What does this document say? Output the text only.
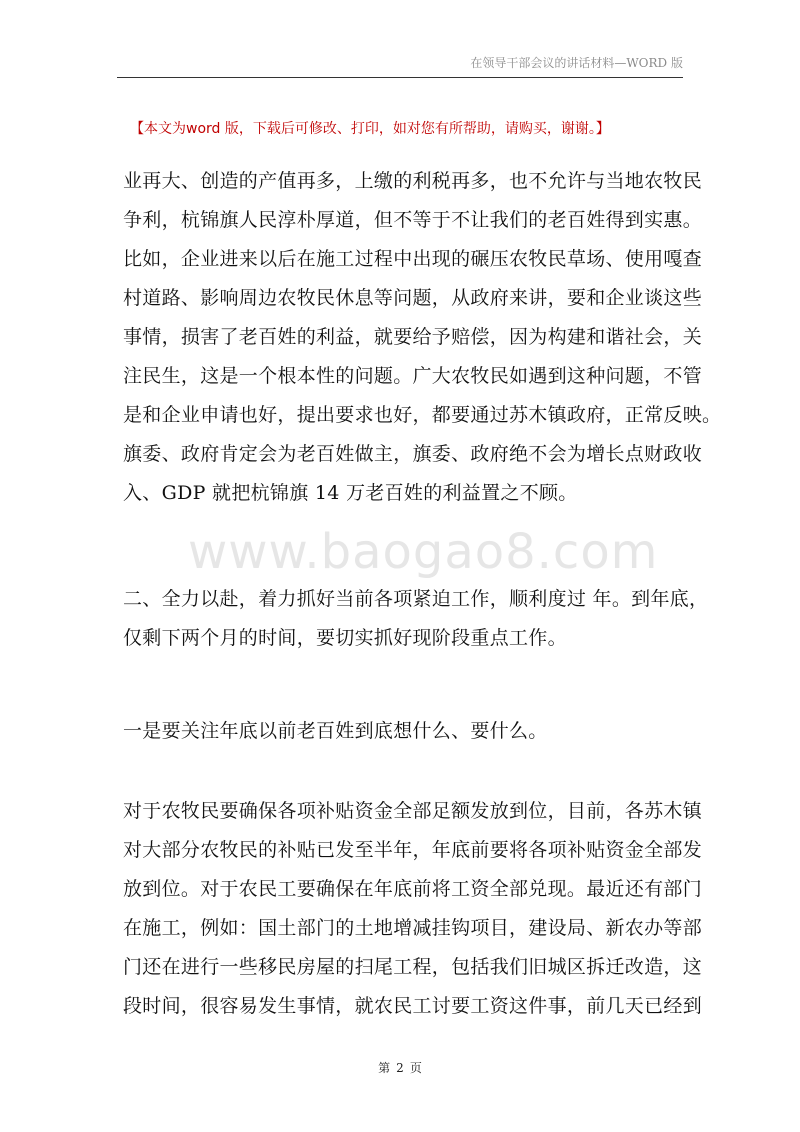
在领导干部会议的讲话材料—WORD 版
【本文为word 版，下载后可修改、打印，如对您有所帮助，请购买，谢谢。】
业再大、创造的产值再多，上缴的利税再多，也不允许与当地农牧民
争利，杭锦旗人民淳朴厚道，但不等于不让我们的老百姓得到实惠。
比如，企业进来以后在施工过程中出现的碾压农牧民草场、使用嘎查
村道路、影响周边农牧民休息等问题，从政府来讲，要和企业谈这些
事情，损害了老百姓的利益，就要给予赔偿，因为构建和谐社会，关
注民生，这是一个根本性的问题。广大农牧民如遇到这种问题，不管
是和企业申请也好，提出要求也好，都要通过苏木镇政府，正常反映。
旗委、政府肯定会为老百姓做主，旗委、政府绝不会为增长点财政收
入、GDP 就把杭锦旗 14 万老百姓的利益置之不顾。
www.baogao8.com
二、全力以赴，着力抓好当前各项紧迫工作，顺利度过 年。到年底，
仅剩下两个月的时间，要切实抓好现阶段重点工作。
一是要关注年底以前老百姓到底想什么、要什么。
对于农牧民要确保各项补贴资金全部足额发放到位，目前，各苏木镇
对大部分农牧民的补贴已发至半年，年底前要将各项补贴资金全部发
放到位。对于农民工要确保在年底前将工资全部兑现。最近还有部门
在施工，例如：国土部门的土地增减挂钩项目，建设局、新农办等部
门还在进行一些移民房屋的扫尾工程，包括我们旧城区拆迁改造，这
段时间，很容易发生事情，就农民工讨要工资这件事，前几天已经到
第 2 页
